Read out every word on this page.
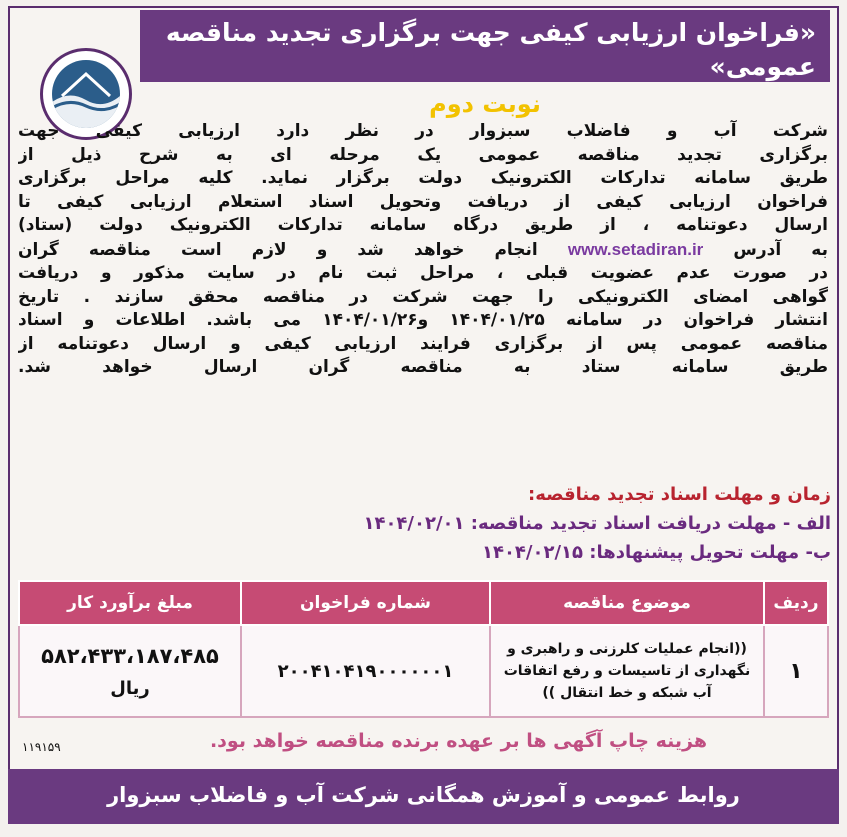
«فراخوان ارزیابی کیفی جهت برگزاری تجدید مناقصه عمومی»
نوبت دوم
شرکت آب و فاضلاب سبزوار در نظر دارد ارزیابی کیفی جهت
برگزاری تجدید مناقصه عمومی یک مرحله ای به شرح ذیل از
طریق سامانه تدارکات الکترونیک دولت برگزار نماید. کلیه مراحل برگزاری
فراخوان ارزیابی کیفی از دریافت وتحویل اسناد استعلام ارزیابی کیفی تا
ارسال دعوتنامه ، از طریق درگاه سامانه تدارکات الکترونیک دولت (ستاد)
به آدرس www.setadiran.ir انجام خواهد شد و لازم است مناقصه گران
در صورت عدم عضویت قبلی ، مراحل ثبت نام در سایت مذکور و دریافت
گواهی امضای الکترونیکی را جهت شرکت در مناقصه محقق سازند . تاریخ
انتشار فراخوان در سامانه ۱۴۰۴/۰۱/۲۵ و۱۴۰۴/۰۱/۲۶ می باشد. اطلاعات و اسناد
مناقصه عمومی پس از برگزاری فرایند ارزیابی کیفی و ارسال دعوتنامه از
طریق سامانه ستاد به مناقصه گران ارسال خواهد شد.
زمان و مهلت اسناد تجدید مناقصه:
الف - مهلت دریافت اسناد تجدید مناقصه: ۱۴۰۴/۰۲/۰۱
ب- مهلت تحویل پیشنهادها: ۱۴۰۴/۰۲/۱۵
ردیف	موضوع مناقصه	شماره فراخوان	مبلغ برآورد کار
۱	((انجام عملیات کلرزنی و راهبری و نگهداری از تاسیسات و رفع اتفاقات آب شبکه و خط انتقال ))	۲۰۰۴۱۰۴۱۹۰۰۰۰۰۰۱	۵۸۲،۴۳۳،۱۸۷،۴۸۵
ریال
هزینه چاپ آگهی ها بر عهده برنده مناقصه خواهد بود.
۱۱۹۱۵۹
روابط عمومی و آموزش همگانی شرکت آب و فاضلاب سبزوار
